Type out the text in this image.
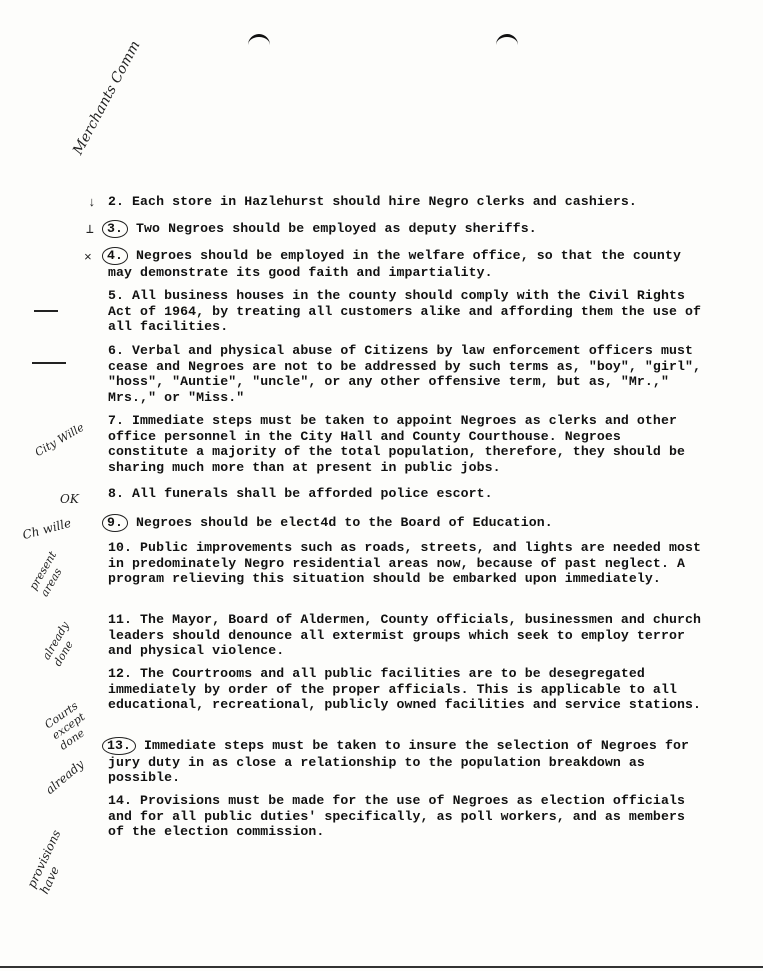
Merchants Comm
City Wille
OK
Ch wille
present areas
already done
Courts except done
already
provisions have
↓
⊥
×
2. Each store in Hazlehurst should hire Negro clerks and cashiers.
3. Two Negroes should be employed as deputy sheriffs.
4. Negroes should be employed in the welfare office, so that the county may demonstrate its good faith and impartiality.
5. All business houses in the county should comply with the Civil Rights Act of 1964, by treating all customers alike and affording them the use of all facilities.
6. Verbal and physical abuse of Citizens by law enforcement officers must cease and Negroes are not to be addressed by such terms as, "boy", "girl", "hoss", "Auntie", "uncle", or any other offensive term, but as, "Mr.," Mrs.," or "Miss."
7. Immediate steps must be taken to appoint Negroes as clerks and other office personnel in the City Hall and County Courthouse. Negroes constitute a majority of the total population, therefore, they should be sharing much more than at present in public jobs.
8. All funerals shall be afforded police escort.
9. Negroes should be elect4d to the Board of Education.
10. Public improvements such as roads, streets, and lights are needed most in predominately Negro residential areas now, because of past neglect. A program relieving this situation should be embarked upon immediately.
11. The Mayor, Board of Aldermen, County officials, businessmen and church leaders should denounce all extermist groups which seek to employ terror and physical violence.
12. The Courtrooms and all public facilities are to be desegregated immediately by order of the proper afficials. This is applicable to all educational, recreational, publicly owned facilities and service stations.
13. Immediate steps must be taken to insure the selection of Negroes for jury duty in as close a relationship to the population breakdown as possible.
14. Provisions must be made for the use of Negroes as election officials and for all public duties' specifically, as poll workers, and as members of the election commission.
